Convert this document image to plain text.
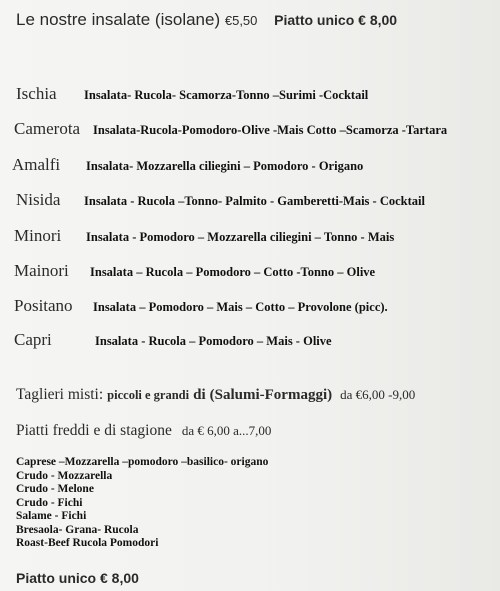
Le nostre insalate (isolane) €5,50 Piatto unico € 8,00
Ischia Insalata- Rucola- Scamorza-Tonno –Surimi -Cocktail
Camerota Insalata-Rucola-Pomodoro-Olive -Mais Cotto –Scamorza -Tartara
Amalfi Insalata- Mozzarella ciliegini – Pomodoro - Origano
Nisida Insalata - Rucola –Tonno- Palmito - Gamberetti-Mais - Cocktail
Minori Insalata - Pomodoro – Mozzarella ciliegini – Tonno - Mais
Mainori Insalata – Rucola – Pomodoro – Cotto -Tonno – Olive
Positano Insalata – Pomodoro – Mais – Cotto – Provolone (picc).
Capri	Insalata - Rucola – Pomodoro – Mais - Olive
Taglieri misti: piccoli e grandi di (Salumi-Formaggi) da €6,00 -9,00
Piatti freddi e di stagione da € 6,00 a...7,00
Caprese –Mozzarella –pomodoro –basilico- origano
Crudo - Mozzarella
Crudo - Melone
Crudo - Fichi
Salame - Fichi
Bresaola- Grana- Rucola
Roast-Beef Rucola Pomodori
Piatto unico € 8,00
